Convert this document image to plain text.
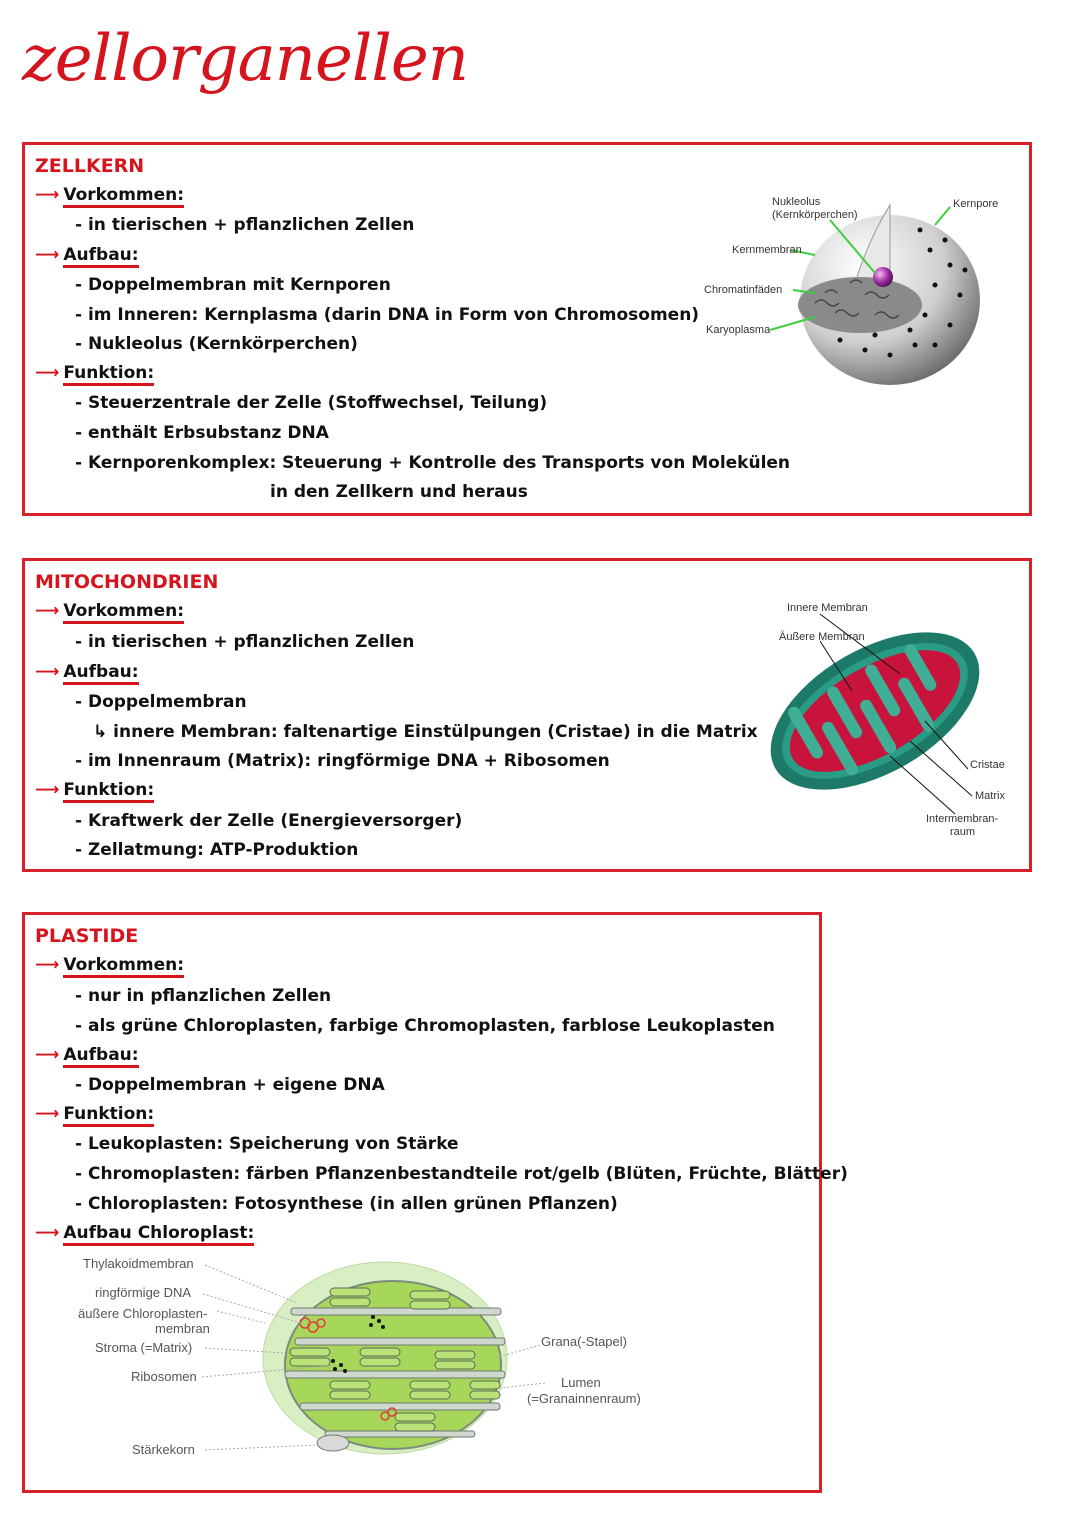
zellorganellen
ZELLKERN
⟶ Vorkommen:
- in tierischen + pflanzlichen Zellen
⟶ Aufbau:
- Doppelmembran mit Kernporen
- im Inneren: Kernplasma (darin DNA in Form von Chromosomen)
- Nukleolus (Kernkörperchen)
⟶ Funktion:
- Steuerzentrale der Zelle (Stoffwechsel, Teilung)
- enthält Erbsubstanz DNA
- Kernporenkomplex: Steuerung + Kontrolle des Transports von Molekülen
in den Zellkern und heraus
Nukleolus
(Kernkörperchen)
Kernpore
Kernmembran
Chromatinfäden
Karyoplasma
MITOCHONDRIEN
⟶ Vorkommen:
- in tierischen + pflanzlichen Zellen
⟶ Aufbau:
- Doppelmembran
↳ innere Membran: faltenartige Einstülpungen (Cristae) in die Matrix
- im Innenraum (Matrix): ringförmige DNA + Ribosomen
⟶ Funktion:
- Kraftwerk der Zelle (Energieversorger)
- Zellatmung: ATP-Produktion
Innere Membran
Äußere Membran
Cristae
Matrix
Intermembran-
raum
PLASTIDE
⟶ Vorkommen:
- nur in pflanzlichen Zellen
- als grüne Chloroplasten, farbige Chromoplasten, farblose Leukoplasten
⟶ Aufbau:
- Doppelmembran + eigene DNA
⟶ Funktion:
- Leukoplasten: Speicherung von Stärke
- Chromoplasten: färben Pflanzenbestandteile rot/gelb (Blüten, Früchte, Blätter)
- Chloroplasten: Fotosynthese (in allen grünen Pflanzen)
⟶ Aufbau Chloroplast:
Thylakoidmembran
ringförmige DNA
äußere Chloroplasten-
membran
Stroma (=Matrix)
Ribosomen
Stärkekorn
Grana(-Stapel)
Lumen
(=Granainnenraum)
